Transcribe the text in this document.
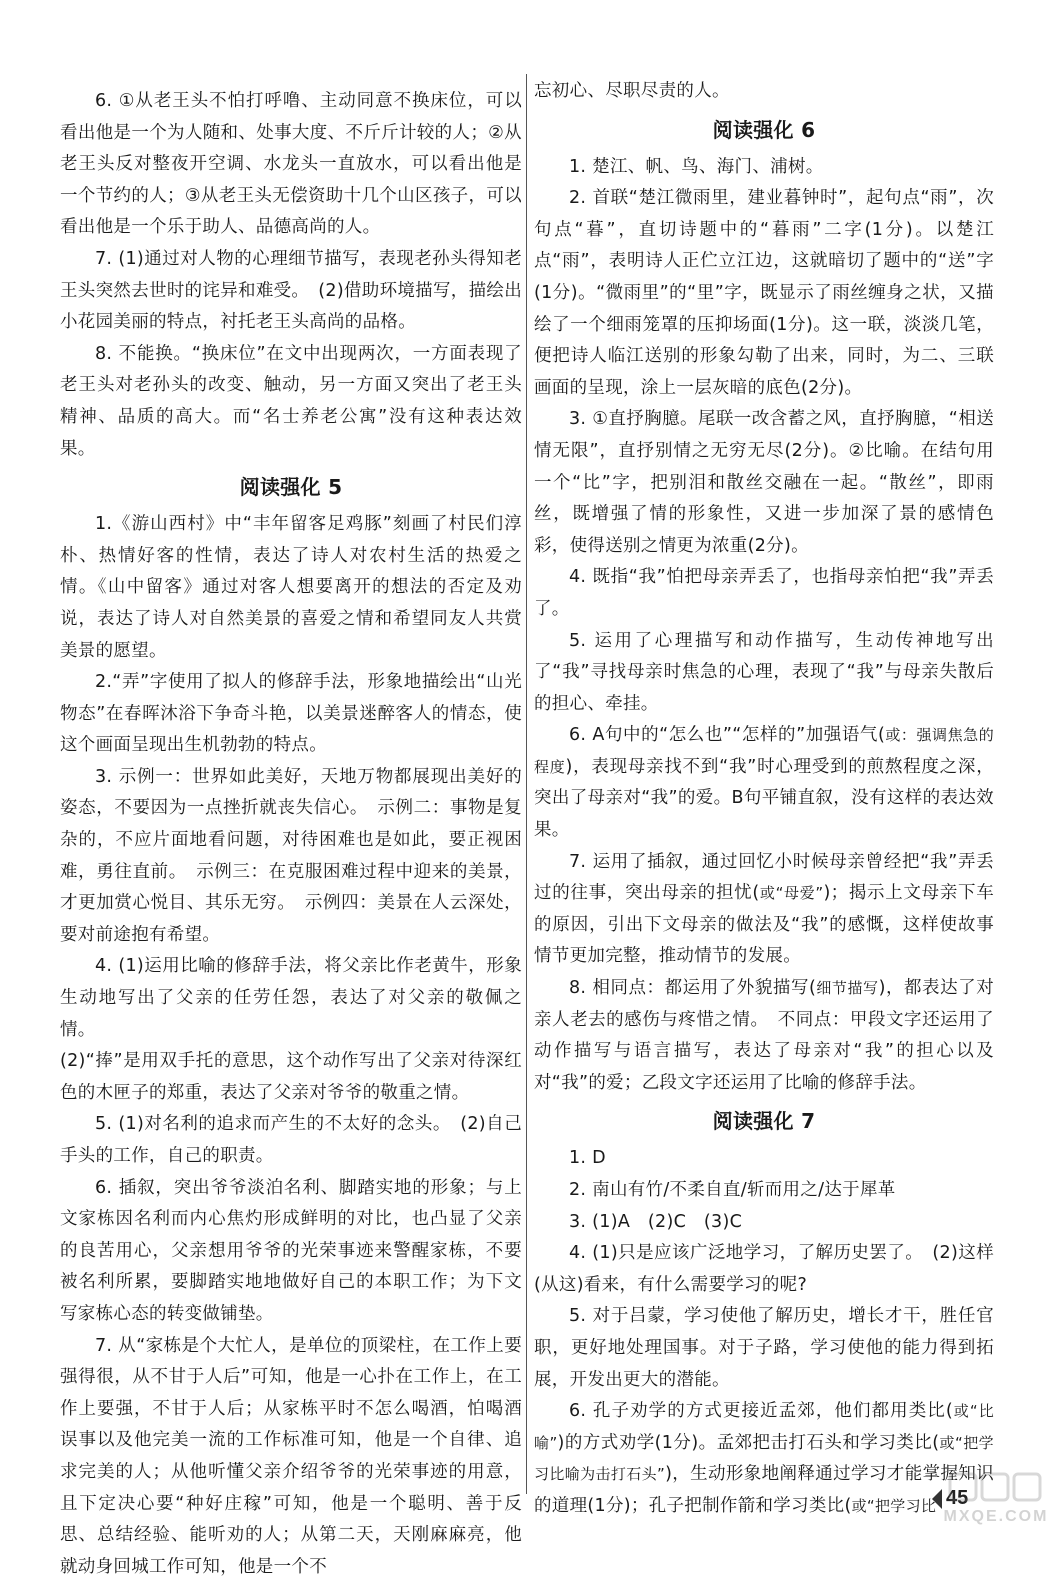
6. ①从老王头不怕打呼噜、主动同意不换床位，可以看出他是一个为人随和、处事大度、不斤斤计较的人；②从老王头反对整夜开空调、水龙头一直放水，可以看出他是一个节约的人；③从老王头无偿资助十几个山区孩子，可以看出他是一个乐于助人、品德高尚的人。

7. (1)通过对人物的心理细节描写，表现老孙头得知老王头突然去世时的诧异和难受。　(2)借助环境描写，描绘出小花园美丽的特点，衬托老王头高尚的品格。

8. 不能换。“换床位”在文中出现两次，一方面表现了老王头对老孙头的改变、触动，另一方面又突出了老王头精神、品质的高大。而“名士养老公寓”没有这种表达效果。

阅读强化 5

1.《游山西村》中“丰年留客足鸡豚”刻画了村民们淳朴、热情好客的性情，表达了诗人对农村生活的热爱之情。《山中留客》通过对客人想要离开的想法的否定及劝说，表达了诗人对自然美景的喜爱之情和希望同友人共赏美景的愿望。

2.“弄”字使用了拟人的修辞手法，形象地描绘出“山光物态”在春晖沐浴下争奇斗艳，以美景迷醉客人的情态，使这个画面呈现出生机勃勃的特点。

3. 示例一：世界如此美好，天地万物都展现出美好的姿态，不要因为一点挫折就丧失信心。　示例二：事物是复杂的，不应片面地看问题，对待困难也是如此，要正视困难，勇往直前。　示例三：在克服困难过程中迎来的美景，才更加赏心悦目、其乐无穷。　示例四：美景在人云深处，要对前途抱有希望。

4. (1)运用比喻的修辞手法，将父亲比作老黄牛，形象生动地写出了父亲的任劳任怨，表达了对父亲的敬佩之情。

(2)“捧”是用双手托的意思，这个动作写出了父亲对待深红色的木匣子的郑重，表达了父亲对爷爷的敬重之情。

5. (1)对名利的追求而产生的不太好的念头。　(2)自己手头的工作，自己的职责。

6. 插叙，突出爷爷淡泊名利、脚踏实地的形象；与上文家栋因名利而内心焦灼形成鲜明的对比，也凸显了父亲的良苦用心，父亲想用爷爷的光荣事迹来警醒家栋，不要被名利所累，要脚踏实地地做好自己的本职工作；为下文写家栋心态的转变做铺垫。

7. 从“家栋是个大忙人，是单位的顶梁柱，在工作上要强得很，从不甘于人后”可知，他是一心扑在工作上，在工作上要强，不甘于人后；从家栋平时不怎么喝酒，怕喝酒误事以及他完美一流的工作标准可知，他是一个自律、追求完美的人；从他听懂父亲介绍爷爷的光荣事迹的用意，且下定决心要“种好庄稼”可知，他是一个聪明、善于反思、总结经验、能听劝的人；从第二天，天刚麻麻亮，他就动身回城工作可知，他是一个不

忘初心、尽职尽责的人。

阅读强化 6

1. 楚江、帆、鸟、海门、浦树。

2. 首联“楚江微雨里，建业暮钟时”，起句点“雨”，次句点“暮”，直切诗题中的“暮雨”二字(1分)。以楚江点“雨”，表明诗人正伫立江边，这就暗切了题中的“送”字(1分)。“微雨里”的“里”字，既显示了雨丝缠身之状，又描绘了一个细雨笼罩的压抑场面(1分)。这一联，淡淡几笔，便把诗人临江送别的形象勾勒了出来，同时，为二、三联画面的呈现，涂上一层灰暗的底色(2分)。

3. ①直抒胸臆。尾联一改含蓄之风，直抒胸臆，“相送情无限”，直抒别情之无穷无尽(2分)。②比喻。在结句用一个“比”字，把别泪和散丝交融在一起。“散丝”，即雨丝，既增强了情的形象性，又进一步加深了景的感情色彩，使得送别之情更为浓重(2分)。

4. 既指“我”怕把母亲弄丢了，也指母亲怕把“我”弄丢了。

5. 运用了心理描写和动作描写，生动传神地写出了“我”寻找母亲时焦急的心理，表现了“我”与母亲失散后的担心、牵挂。

6. A句中的“怎么也”“怎样的”加强语气(或：强调焦急的程度)，表现母亲找不到“我”时心理受到的煎熬程度之深，突出了母亲对“我”的爱。B句平铺直叙，没有这样的表达效果。

7. 运用了插叙，通过回忆小时候母亲曾经把“我”弄丢过的往事，突出母亲的担忧(或“母爱”)；揭示上文母亲下车的原因，引出下文母亲的做法及“我”的感慨，这样使故事情节更加完整，推动情节的发展。

8. 相同点：都运用了外貌描写(细节描写)，都表达了对亲人老去的感伤与疼惜之情。　不同点：甲段文字还运用了动作描写与语言描写，表达了母亲对“我”的担心以及对“我”的爱；乙段文字还运用了比喻的修辞手法。

阅读强化 7

1. D

2. 南山有竹/不柔自直/斩而用之/达于犀革

3. (1)A　(2)C　(3)C

4. (1)只是应该广泛地学习，了解历史罢了。　(2)这样(从这)看来，有什么需要学习的呢?

5. 对于吕蒙，学习使他了解历史，增长才干，胜任官职，更好地处理国事。对于子路，学习使他的能力得到拓展，开发出更大的潜能。

6. 孔子劝学的方式更接近孟郊，他们都用类比(或“比喻”)的方式劝学(1分)。孟郊把击打石头和学习类比(或“把学习比喻为击打石头”)，生动形象地阐释通过学习才能掌握知识的道理(1分)；孔子把制作箭和学习类比(或“把学习比 45
MXQE.COM
